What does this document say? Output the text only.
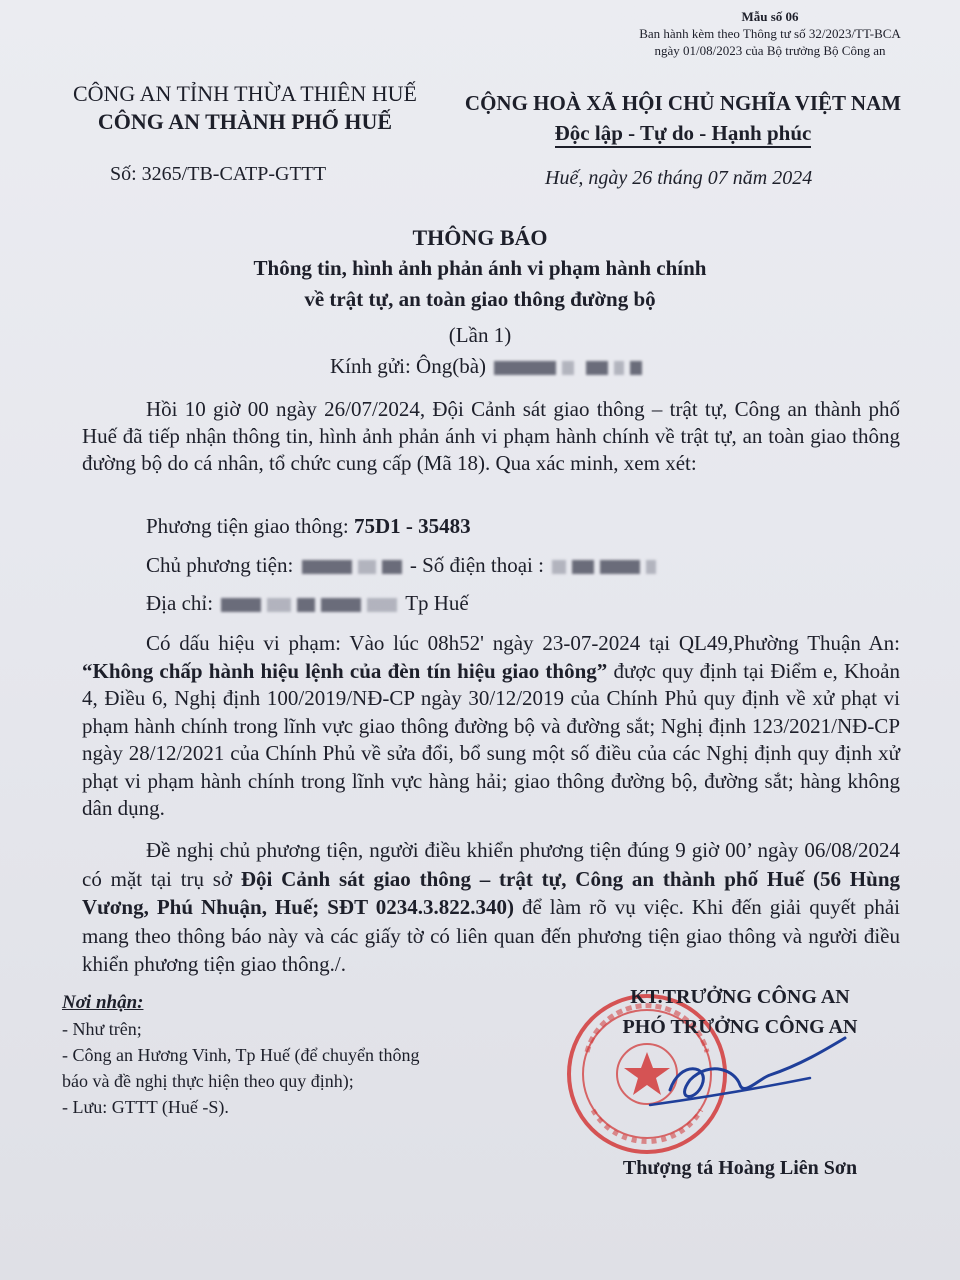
Mẫu số 06
Ban hành kèm theo Thông tư số 32/2023/TT-BCA
ngày 01/08/2023 của Bộ trưởng Bộ Công an
CÔNG AN TỈNH THỪA THIÊN HUẾ
CÔNG AN THÀNH PHỐ HUẾ
CỘNG HOÀ XÃ HỘI CHỦ NGHĨA VIỆT NAM
Độc lập - Tự do - Hạnh phúc
Số: 3265/TB-CATP-GTTT	Huế, ngày 26 tháng 07 năm 2024
THÔNG BÁO
Thông tin, hình ảnh phản ánh vi phạm hành chính
về trật tự, an toàn giao thông đường bộ
(Lần 1)
Kính gửi: Ông(bà)
Hồi 10 giờ 00 ngày 26/07/2024, Đội Cảnh sát giao thông – trật tự, Công an thành phố Huế đã tiếp nhận thông tin, hình ảnh phản ánh vi phạm hành chính về trật tự, an toàn giao thông đường bộ do cá nhân, tổ chức cung cấp (Mã 18). Qua xác minh, xem xét:
Phương tiện giao thông: 75D1 - 35483
Chủ phương tiện:	- Số điện thoại :
Địa chỉ:	Tp Huế
Có dấu hiệu vi phạm: Vào lúc 08h52' ngày 23-07-2024 tại QL49,Phường Thuận An: “Không chấp hành hiệu lệnh của đèn tín hiệu giao thông” được quy định tại Điểm e, Khoản 4, Điều 6, Nghị định 100/2019/NĐ-CP ngày 30/12/2019 của Chính Phủ quy định về xử phạt vi phạm hành chính trong lĩnh vực giao thông đường bộ và đường sắt; Nghị định 123/2021/NĐ-CP ngày 28/12/2021 của Chính Phủ về sửa đổi, bổ sung một số điều của các Nghị định quy định xử phạt vi phạm hành chính trong lĩnh vực hàng hải; giao thông đường bộ, đường sắt; hàng không dân dụng.
Đề nghị chủ phương tiện, người điều khiển phương tiện đúng 9 giờ 00’ ngày 06/08/2024 có mặt tại trụ sở Đội Cảnh sát giao thông – trật tự, Công an thành phố Huế (56 Hùng Vương, Phú Nhuận, Huế; SĐT 0234.3.822.340) để làm rõ vụ việc. Khi đến giải quyết phải mang theo thông báo này và các giấy tờ có liên quan đến phương tiện giao thông và người điều khiển phương tiện giao thông./.
Nơi nhận:
- Như trên;
- Công an Hương Vinh, Tp Huế (để chuyển thông
báo và đề nghị thực hiện theo quy định);
- Lưu: GTTT (Huế -S).
KT.TRƯỞNG CÔNG AN
PHÓ TRƯỞNG CÔNG AN
Thượng tá Hoàng Liên Sơn
